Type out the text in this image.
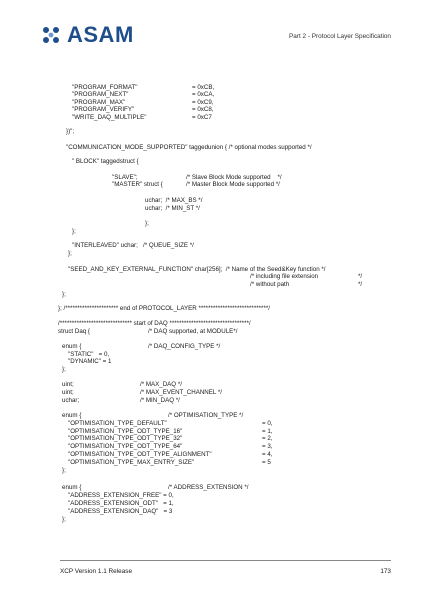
ASAM	Part 2 - Protocol Layer Specification
"PROGRAM_FORMAT"	= 0xCB,
"PROGRAM_NEXT"	= 0xCA,
"PROGRAM_MAX"	= 0xC9,
"PROGRAM_VERIFY"	= 0xC8,
"WRITE_DAQ_MULTIPLE"	= 0xC7
})";
"COMMUNICATION_MODE_SUPPORTED" taggedunion { /* optional modes supported */
" BLOCK" taggedstruct {
"SLAVE";	/* Slave Block Mode supported    */
"MASTER" struct {	/* Master Block Mode supported */
uchar;  /* MAX_BS */
uchar;  /* MIN_ST */
};
};
"INTERLEAVED" uchar;   /* QUEUE_SIZE */
};
"SEED_AND_KEY_EXTERNAL_FUNCTION" char[256];  /* Name of the Seed&Key function */
/* including file extension	*/
/* without path	*/
};
}; /********************** end of PROTOCOL_LAYER *****************************/
/****************************** start of DAQ *********************************/
struct Daq {	/* DAQ supported, at MODULE*/
enum {	/* DAQ_CONFIG_TYPE */
"STATIC"   = 0,
"DYNAMIC" = 1
};
uint;	/* MAX_DAQ */
uint;	/* MAX_EVENT_CHANNEL */
uchar;	/* MIN_DAQ */
enum {	/* OPTIMISATION_TYPE */
"OPTIMISATION_TYPE_DEFAULT"	= 0,
"OPTIMISATION_TYPE_ODT_TYPE_16"	= 1,
"OPTIMISATION_TYPE_ODT_TYPE_32"	= 2,
"OPTIMISATION_TYPE_ODT_TYPE_64"	= 3,
"OPTIMISATION_TYPE_ODT_TYPE_ALIGNMENT"	= 4,
"OPTIMISATION_TYPE_MAX_ENTRY_SIZE"	= 5
};
enum {	/* ADDRESS_EXTENSION */
"ADDRESS_EXTENSION_FREE" = 0,
"ADDRESS_EXTENSION_ODT"   = 1,
"ADDRESS_EXTENSION_DAQ"   = 3
};
XCP Version 1.1 Release	173
